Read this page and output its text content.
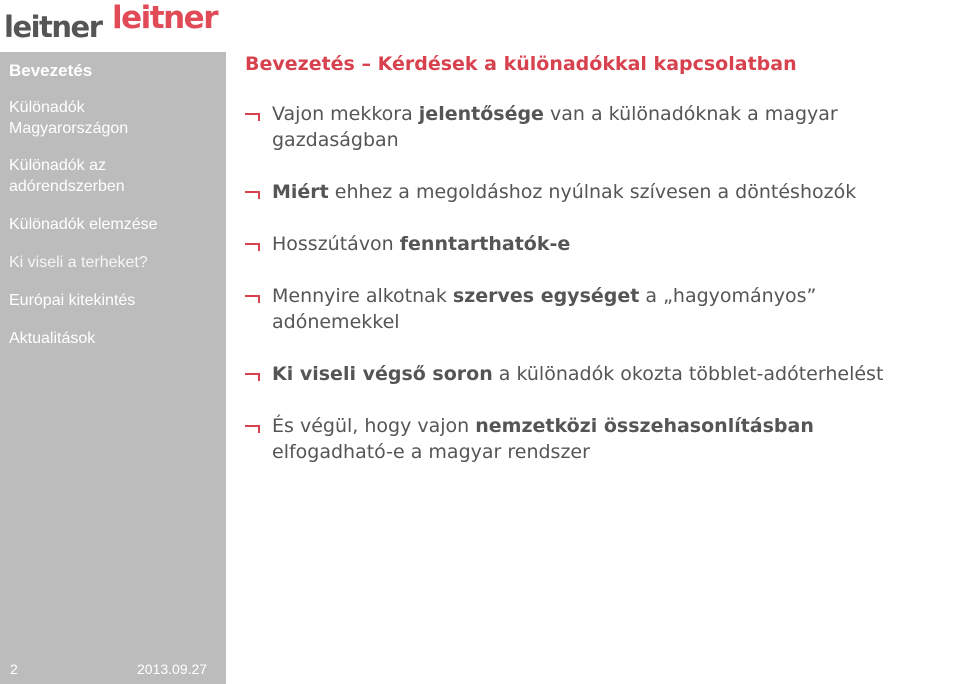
leitner leitner
Bevezetés
Különadók Magyarországon
Különadók az adórendszerben
Különadók elemzése
Ki viseli a terheket?
Európai kitekintés
Aktualitások
2	2013.09.27
Bevezetés – Kérdések a különadókkal kapcsolatban
Vajon mekkora jelentősége van a különadóknak a magyar
gazdaságban
Miért ehhez a megoldáshoz nyúlnak szívesen a döntéshozók
Hosszútávon fenntarthatók-e
Mennyire alkotnak szerves egységet a „hagyományos”
adónemekkel
Ki viseli végső soron a különadók okozta többlet-adóterhelést
És végül, hogy vajon nemzetközi összehasonlításban
elfogadható-e a magyar rendszer
